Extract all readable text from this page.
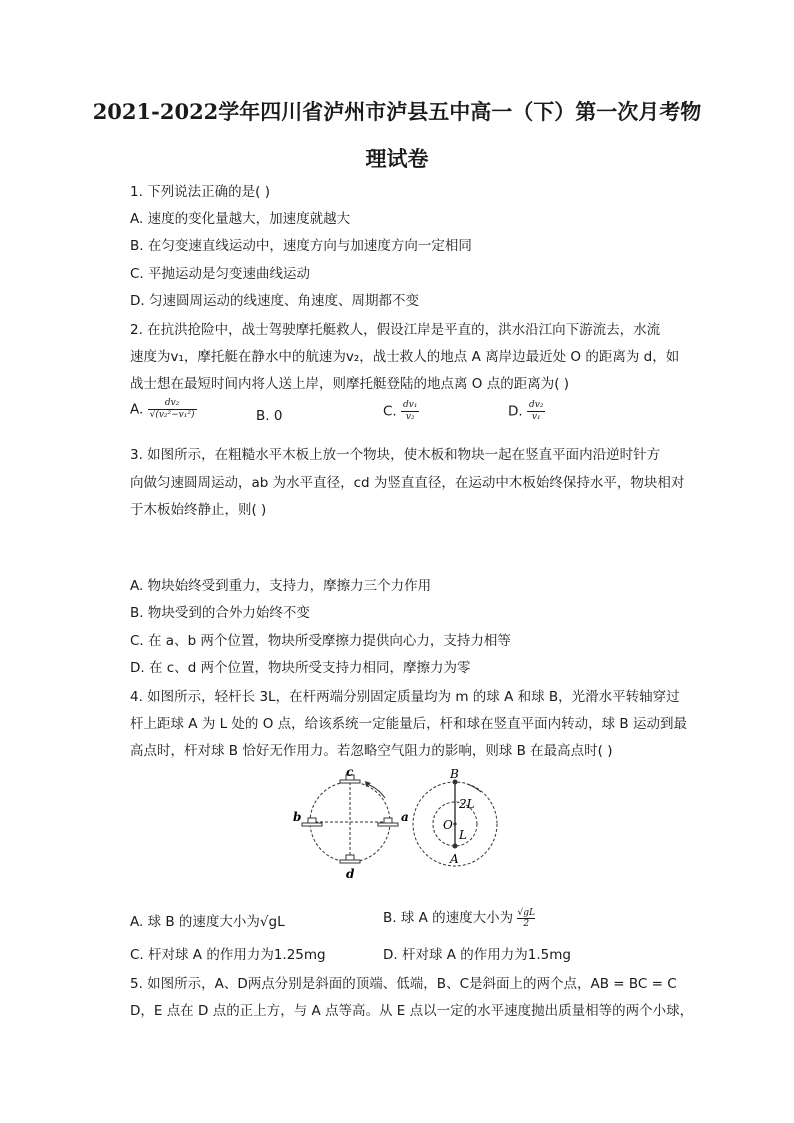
2021-2022学年四川省泸州市泸县五中高一（下）第一次月考物
理试卷
1. 下列说法正确的是( )
A. 速度的变化量越大，加速度就越大
B. 在匀变速直线运动中，速度方向与加速度方向一定相同
C. 平抛运动是匀变速曲线运动
D. 匀速圆周运动的线速度、角速度、周期都不变
2. 在抗洪抢险中，战士驾驶摩托艇救人，假设江岸是平直的，洪水沿江向下游流去，水流
速度为v₁，摩托艇在静水中的航速为v₂，战士救人的地点 A 离岸边最近处 O 的距离为 d，如
战士想在最短时间内将人送上岸，则摩托艇登陆的地点离 O 点的距离为( )
A. $\frac{\text{dv₂}}{\text{√(v₂²−v₁²)}}$	B. 0	C. $\frac{\text{dv₁}}{\text{v₂}}$	D. $\frac{\text{dv₂}}{\text{v₁}}$
3. 如图所示，在粗糙水平木板上放一个物块，使木板和物块一起在竖直平面内沿逆时针方
向做匀速圆周运动，ab 为水平直径，cd 为竖直直径，在运动中木板始终保持水平，物块相对
于木板始终静止，则( )
A. 物块始终受到重力，支持力，摩擦力三个力作用
B. 物块受到的合外力始终不变
C. 在 a、b 两个位置，物块所受摩擦力提供向心力，支持力相等
D. 在 c、d 两个位置，物块所受支持力相同，摩擦力为零
4. 如图所示，轻杆长 3L，在杆两端分别固定质量均为 m 的球 A 和球 B，光滑水平转轴穿过
杆上距球 A 为 L 处的 O 点，给该系统一定能量后，杆和球在竖直平面内转动，球 B 运动到最
高点时，杆对球 B 恰好无作用力。若忽略空气阻力的影响，则球 B 在最高点时( )
c
d
b	a
B
A
O
L
2L
A. 球 B 的速度大小为√gL	B. 球 A 的速度大小为 $\frac{√gL}{2}$
C. 杆对球 A 的作用力为1.25mg	D. 杆对球 A 的作用力为1.5mg
5. 如图所示，A、D两点分别是斜面的顶端、低端，B、C是斜面上的两个点，AB = BC = C
D，E 点在 D 点的正上方，与 A 点等高。从 E 点以一定的水平速度抛出质量相等的两个小球，
